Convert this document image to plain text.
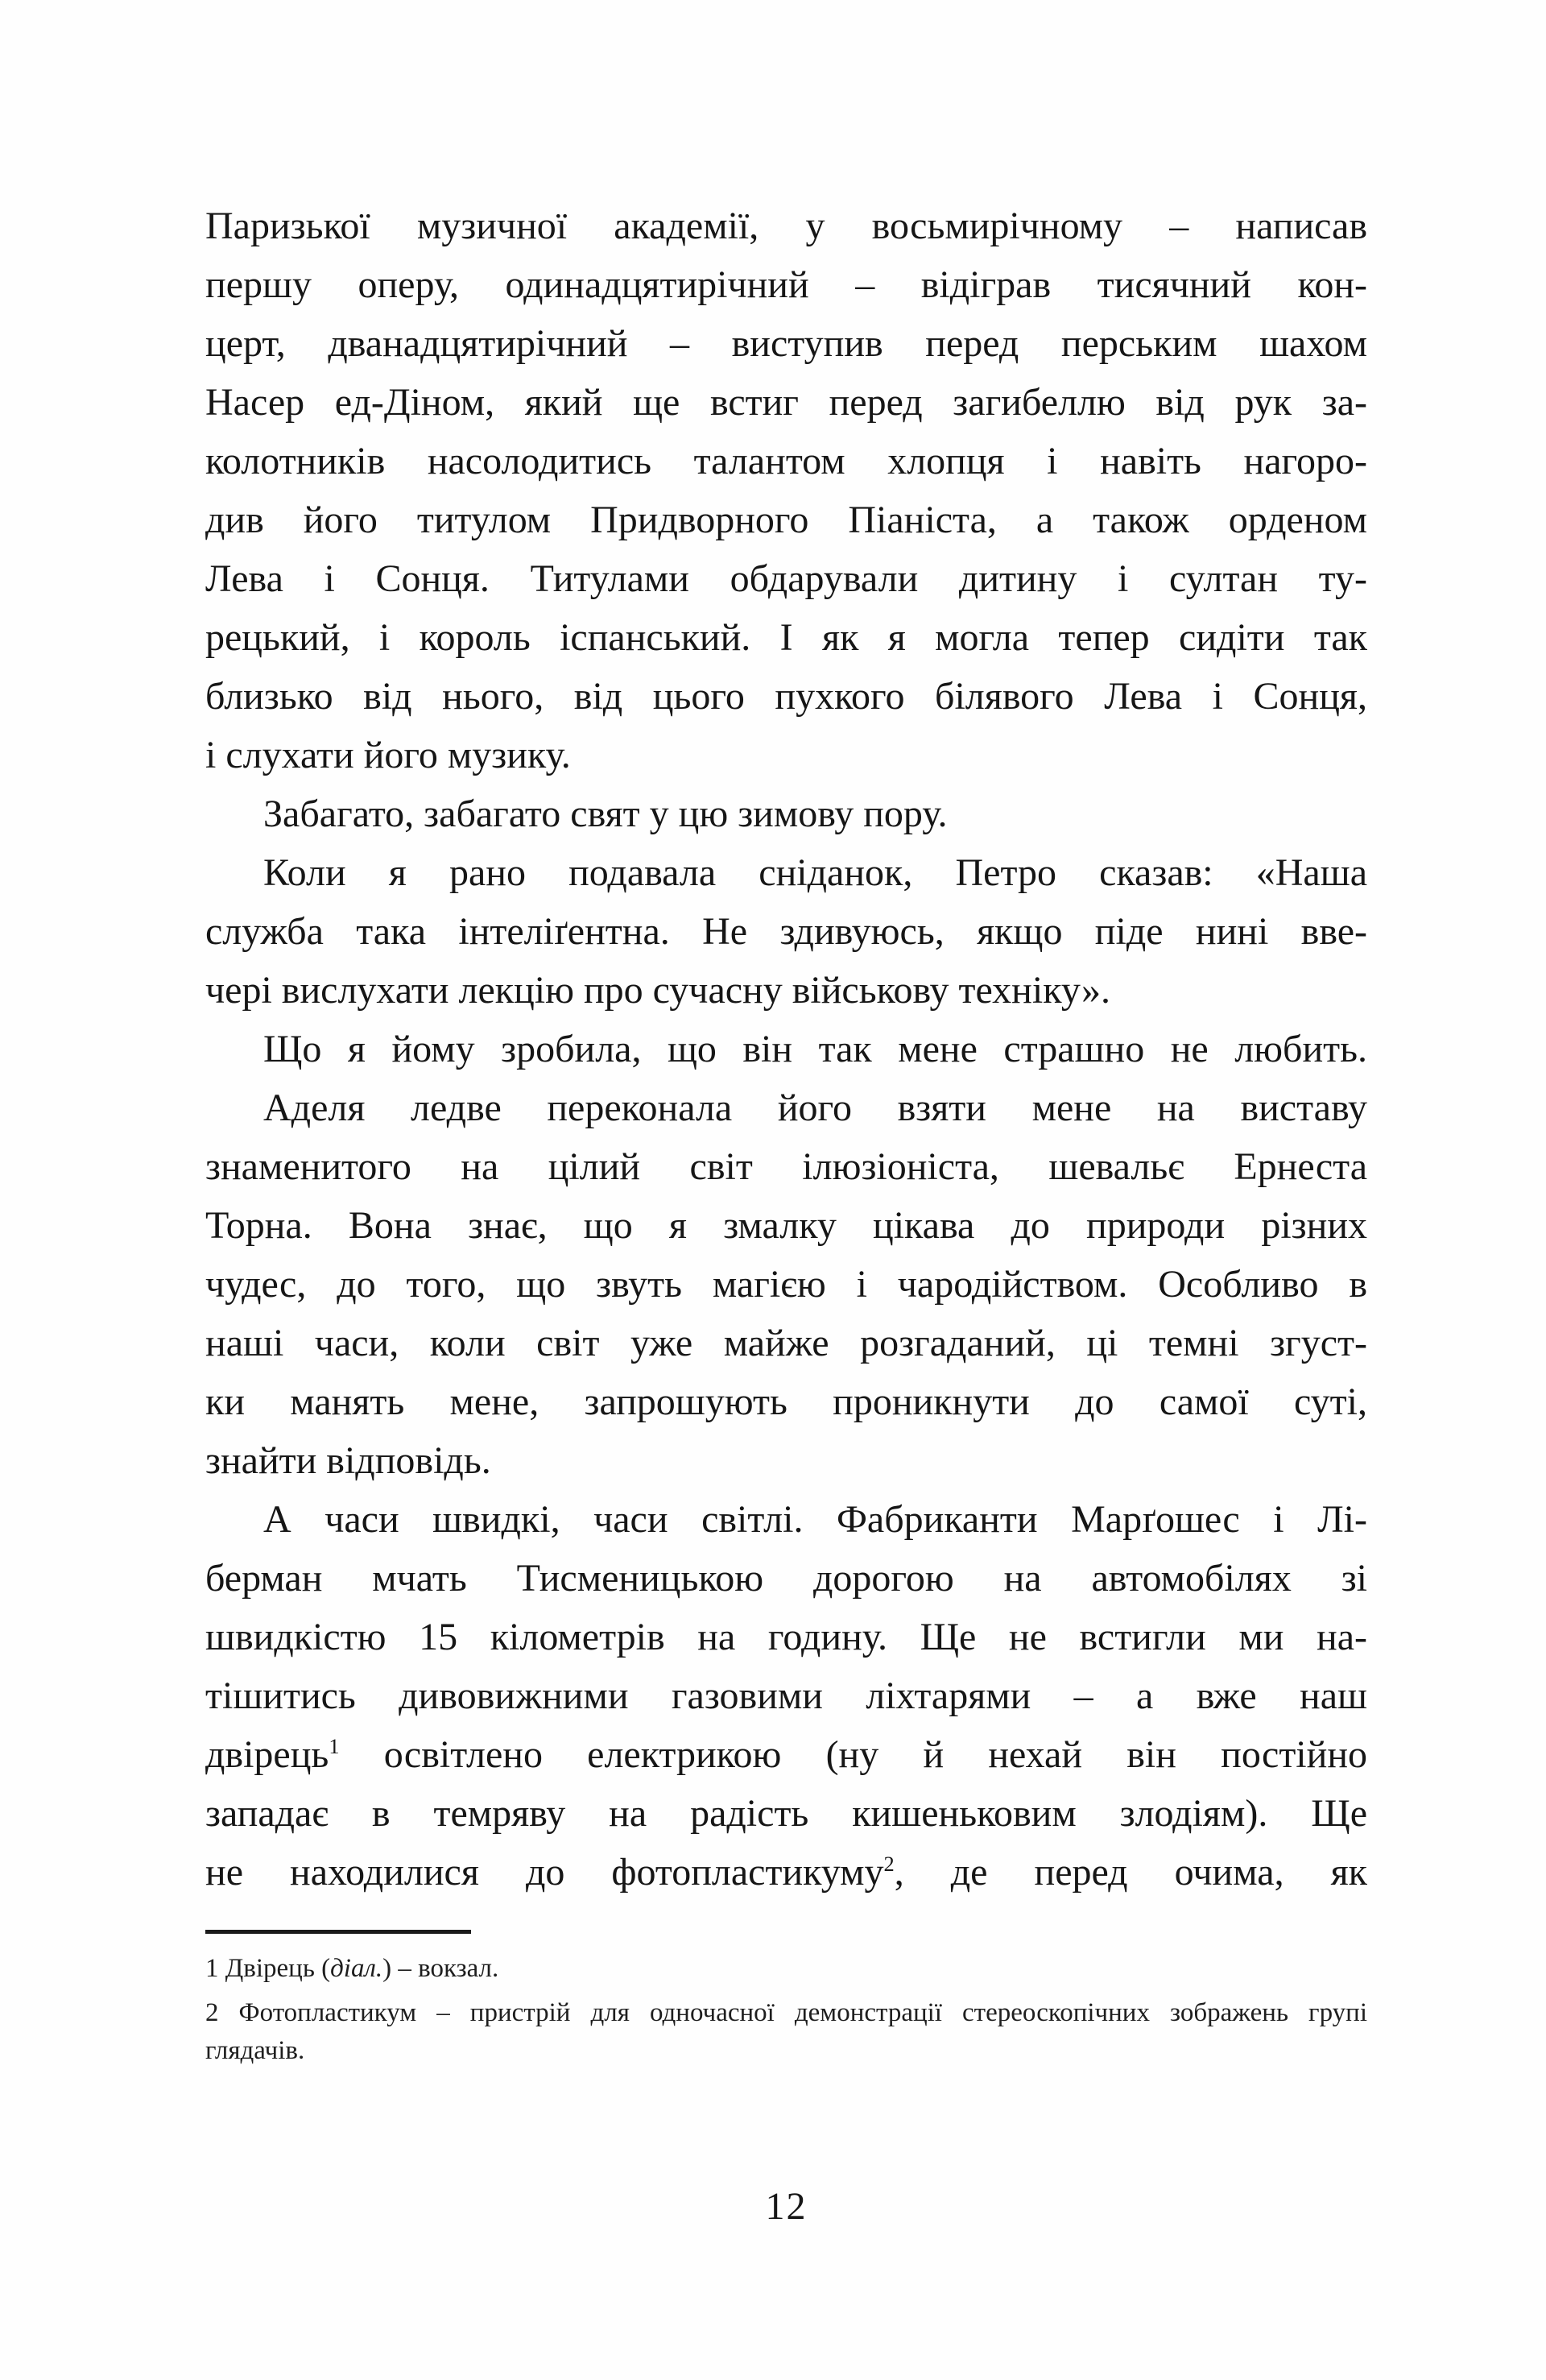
Паризької музичної академії, у восьмирічному – написав
першу оперу, одинадцятирічний – відіграв тисячний кон-
церт, дванадцятирічний – виступив перед перським шахом
Насер ед-Діном, який ще встиг перед загибеллю від рук за-
колотників насолодитись талантом хлопця і навіть нагоро-
див його титулом Придворного Піаніста, а також орденом
Лева і Сонця. Титулами обдарували дитину і султан ту-
рецький, і король іспанський. І як я могла тепер сидіти так
близько від нього, від цього пухкого білявого Лева і Сонця,
і слухати його музику.
Забагато, забагато свят у цю зимову пору.
Коли я рано подавала сніданок, Петро сказав: «Наша
служба така інтеліґентна. Не здивуюсь, якщо піде нині вве-
чері вислухати лекцію про сучасну військову техніку».
Що я йому зробила, що він так мене страшно не любить.
Аделя ледве переконала його взяти мене на виставу
знаменитого на цілий світ ілюзіоніста, шевальє Ернеста
Торна. Вона знає, що я змалку цікава до природи різних
чудес, до того, що звуть магією і чародійством. Особливо в
наші часи, коли світ уже майже розгаданий, ці темні згуст-
ки манять мене, запрошують проникнути до самої суті,
знайти відповідь.
А часи швидкі, часи світлі. Фабриканти Марґошес і Лі-
берман мчать Тисменицькою дорогою на автомобілях зі
швидкістю 15 кілометрів на годину. Ще не встигли ми на-
тішитись дивовижними газовими ліхтарями – а вже наш
двірець$^1$ освітлено електрикою (ну й нехай він постійно
западає в темряву на радість кишеньковим злодіям). Ще
не находилися до фотопластикуму$^2$, де перед очима, як
1 Двірець (діал.) – вокзал.
2 Фотопластикум – пристрій для одночасної демонстрації стереоскопічних зображень групі
глядачів.
12
